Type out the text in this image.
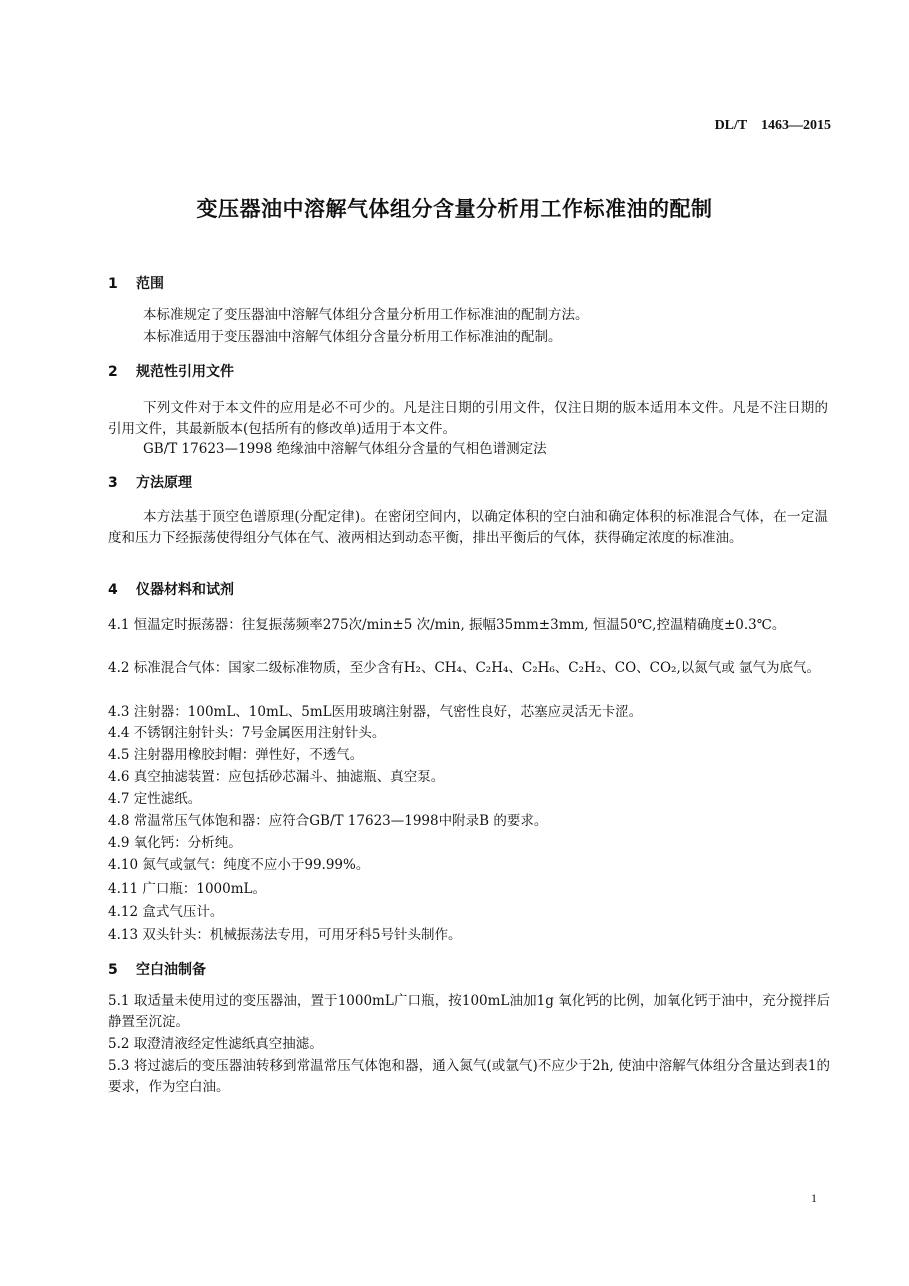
DL/T    1463—2015
变压器油中溶解气体组分含量分析用工作标准油的配制
1 范围
本标准规定了变压器油中溶解气体组分含量分析用工作标准油的配制方法。
本标准适用于变压器油中溶解气体组分含量分析用工作标准油的配制。
2 规范性引用文件
下列文件对于本文件的应用是必不可少的。凡是注日期的引用文件，仅注日期的版本适用本文件。凡是不注日期的引用文件，其最新版本(包括所有的修改单)适用于本文件。
GB/T 17623—1998 绝缘油中溶解气体组分含量的气相色谱测定法
3 方法原理
本方法基于顶空色谱原理(分配定律)。在密闭空间内，以确定体积的空白油和确定体积的标准混合气体，在一定温度和压力下经振荡使得组分气体在气、液两相达到动态平衡，排出平衡后的气体，获得确定浓度的标准油。
4 仪器材料和试剂
4.1 恒温定时振荡器：往复振荡频率275次/min±5 次/min, 振幅35mm±3mm, 恒温50℃,控温精确度±0.3℃。
4.2 标准混合气体：国家二级标准物质，至少含有H₂、CH₄、C₂H₄、C₂H₆、C₂H₂、CO、CO₂,以氮气或 氩气为底气。
4.3 注射器：100mL、10mL、5mL医用玻璃注射器，气密性良好，芯塞应灵活无卡涩。
4.4 不锈钢注射针头：7号金属医用注射针头。
4.5 注射器用橡胶封帽：弹性好，不透气。
4.6 真空抽滤装置：应包括砂芯漏斗、抽滤瓶、真空泵。
4.7 定性滤纸。
4.8 常温常压气体饱和器：应符合GB/T 17623—1998中附录B 的要求。
4.9 氧化钙：分析纯。
4.10 氮气或氩气：纯度不应小于99.99%。
4.11 广口瓶：1000mL。
4.12 盒式气压计。
4.13 双头针头：机械振荡法专用，可用牙科5号针头制作。
5 空白油制备
5.1 取适量未使用过的变压器油，置于1000mL广口瓶，按100mL油加1g 氧化钙的比例，加氧化钙于油中，充分搅拌后静置至沉淀。
5.2 取澄清液经定性滤纸真空抽滤。
5.3 将过滤后的变压器油转移到常温常压气体饱和器，通入氮气(或氩气)不应少于2h, 使油中溶解气体组分含量达到表1的要求，作为空白油。
1
